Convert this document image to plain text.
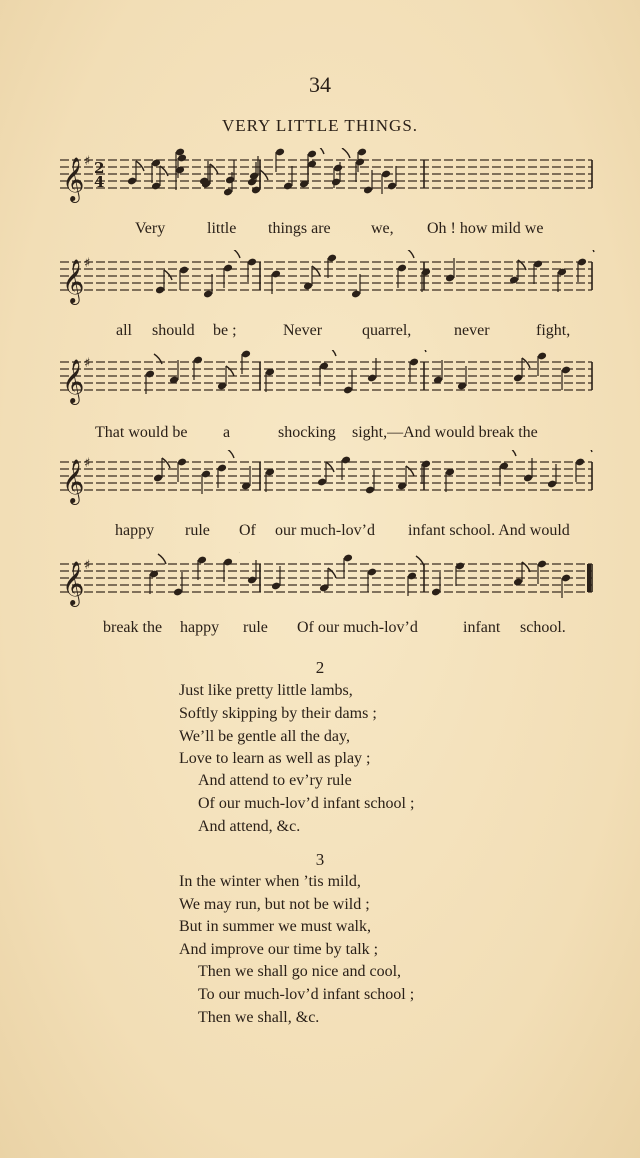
34
VERY LITTLE THINGS.
𝄞 ♯ 2
4
Very	little things are	we, Oh ! how mild we
𝄞 ♯
all should be ;	Never quarrel,	never	fight,
𝄞 ♯
That would be a	shocking sight,—And would break the
𝄞 ♯
happy rule Of our much-lov’d infant school. And would
𝄞 ♯
break the happy rule Of our much-lov’d	infant school.
2
Just like pretty little lambs,
Softly skipping by their dams ;
We’ll be gentle all the day,
Love to learn as well as play ;
And attend to ev’ry rule
Of our much-lov’d infant school ;
And attend, &c.
3
In the winter when ’tis mild,
We may run, but not be wild ;
But in summer we must walk,
And improve our time by talk ;
Then we shall go nice and cool,
To our much-lov’d infant school ;
Then we shall, &c.
